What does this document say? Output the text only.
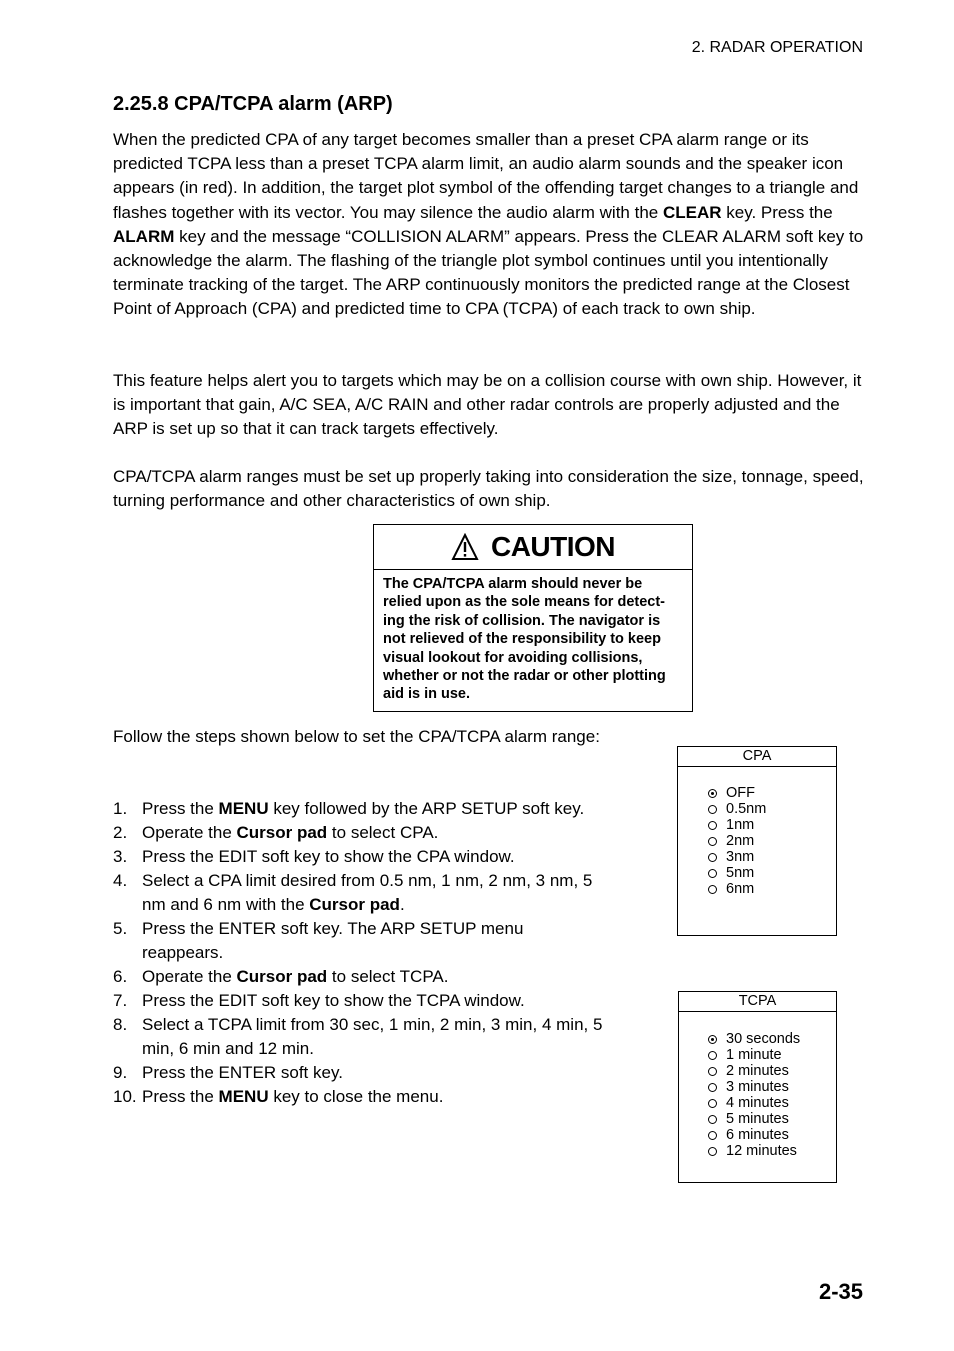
2. RADAR OPERATION
2.25.8 CPA/TCPA alarm (ARP)
When the predicted CPA of any target becomes smaller than a preset CPA alarm range or its predicted TCPA less than a preset TCPA alarm limit, an audio alarm sounds and the speaker icon appears (in red). In addition, the target plot symbol of the offending target changes to a triangle and flashes together with its vector. You may silence the audio alarm with the CLEAR key. Press the ALARM key and the message “COLLISION ALARM” appears. Press the CLEAR ALARM soft key to acknowledge the alarm. The flashing of the triangle plot symbol continues until you intentionally terminate tracking of the target. The ARP continuously monitors the predicted range at the Closest Point of Approach (CPA) and predicted time to CPA (TCPA) of each track to own ship.
This feature helps alert you to targets which may be on a collision course with own ship. However, it is important that gain, A/C SEA, A/C RAIN and other radar controls are properly adjusted and the ARP is set up so that it can track targets effectively.
CPA/TCPA alarm ranges must be set up properly taking into consideration the size, tonnage, speed, turning performance and other characteristics of own ship.
CAUTION
The CPA/TCPA alarm should never be
relied upon as the sole means for detect-
ing the risk of collision. The navigator is
not relieved of the responsibility to keep
visual lookout for avoiding collisions,
whether or not the radar or other plotting
aid is in use.
Follow the steps shown below to set the CPA/TCPA alarm range:
1. Press the MENU key followed by the ARP SETUP soft key.
2. Operate the Cursor pad to select CPA.
3. Press the EDIT soft key to show the CPA window.
4. Select a CPA limit desired from 0.5 nm, 1 nm, 2 nm, 3 nm, 5 nm and 6 nm with the Cursor pad.
5. Press the ENTER soft key. The ARP SETUP menu reappears.
6. Operate the Cursor pad to select TCPA.
7. Press the EDIT soft key to show the TCPA window.
8. Select a TCPA limit from 30 sec, 1 min, 2 min, 3 min, 4 min, 5 min, 6 min and 12 min.
9. Press the ENTER soft key.
10. Press the MENU key to close the menu.
CPA
OFF
0.5nm
1nm
2nm
3nm
5nm
6nm
TCPA
30 seconds
1 minute
2 minutes
3 minutes
4 minutes
5 minutes
6 minutes
12 minutes
2-35
